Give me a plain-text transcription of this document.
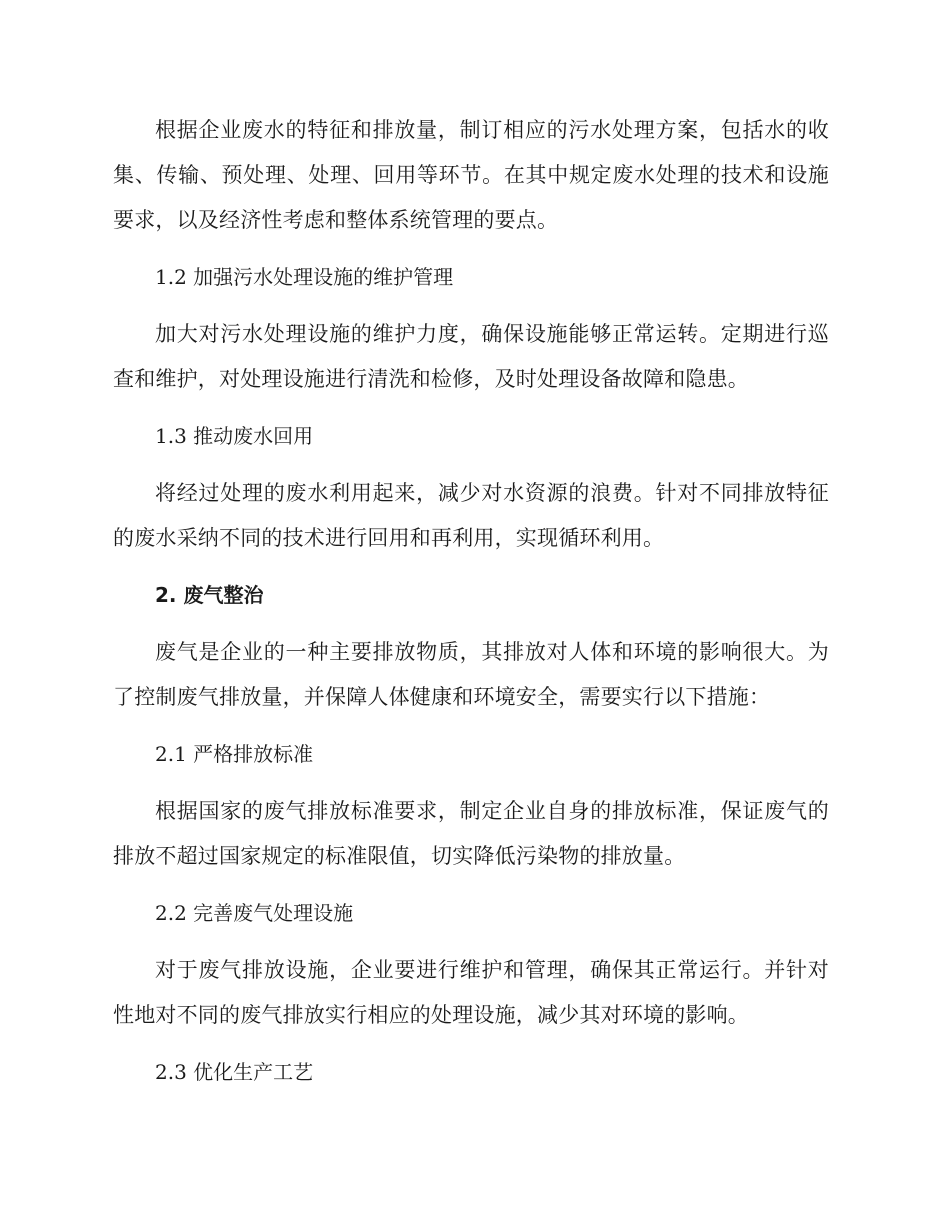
根据企业废水的特征和排放量，制订相应的污水处理方案，包括水的收集、传输、预处理、处理、回用等环节。在其中规定废水处理的技术和设施要求，以及经济性考虑和整体系统管理的要点。

1.2 加强污水处理设施的维护管理

加大对污水处理设施的维护力度，确保设施能够正常运转。定期进行巡查和维护，对处理设施进行清洗和检修，及时处理设备故障和隐患。

1.3 推动废水回用

将经过处理的废水利用起来，减少对水资源的浪费。针对不同排放特征的废水采纳不同的技术进行回用和再利用，实现循环利用。

2. 废气整治

废气是企业的一种主要排放物质，其排放对人体和环境的影响很大。为了控制废气排放量，并保障人体健康和环境安全，需要实行以下措施：

2.1 严格排放标准

根据国家的废气排放标准要求，制定企业自身的排放标准，保证废气的排放不超过国家规定的标准限值，切实降低污染物的排放量。

2.2 完善废气处理设施

对于废气排放设施，企业要进行维护和管理，确保其正常运行。并针对性地对不同的废气排放实行相应的处理设施，减少其对环境的影响。

2.3 优化生产工艺
